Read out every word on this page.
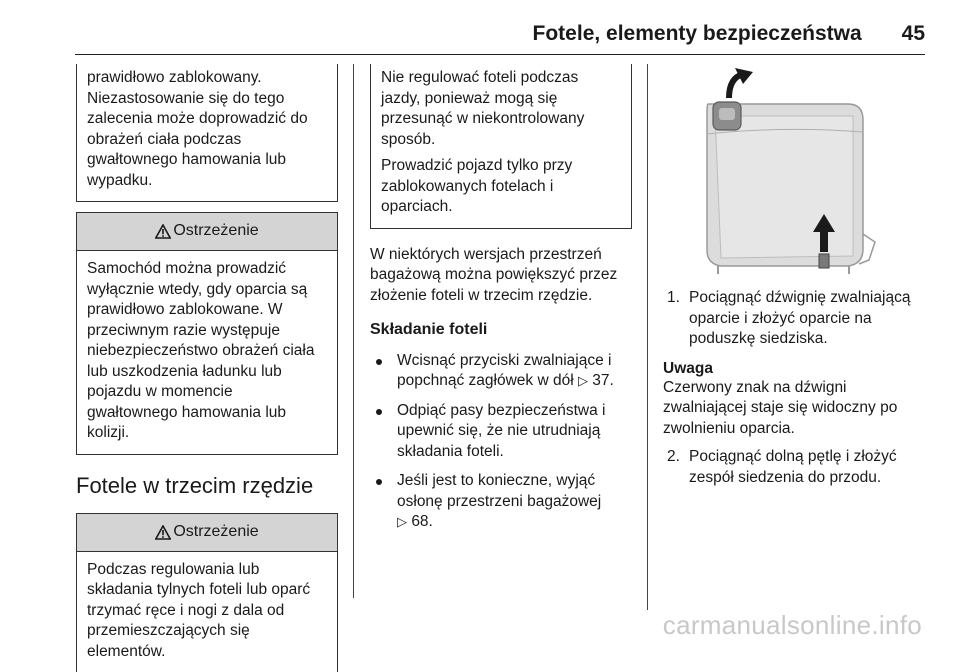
Fotele, elementy bezpieczeństwa 45

prawidłowo zablokowany. Niezastosowanie się do tego zalecenia może doprowadzić do obrażeń ciała podczas gwałtownego hamowania lub wypadku.

Ostrzeżenie

Samochód można prowadzić wyłącznie wtedy, gdy oparcia są prawidłowo zablokowane. W przeciwnym razie występuje niebezpieczeństwo obrażeń ciała lub uszkodzenia ładunku lub pojazdu w momencie gwałtownego hamowania lub kolizji.

Fotele w trzecim rzędzie
Ostrzeżenie

Podczas regulowania lub składania tylnych foteli lub oparć trzymać ręce i nogi z dala od przemieszczających się elementów.

Nie regulować foteli podczas jazdy, ponieważ mogą się przesunąć w niekontrolowany sposób.

Prowadzić pojazd tylko przy zablokowanych fotelach i oparciach.

W niektórych wersjach przestrzeń bagażową można powiększyć przez złożenie foteli w trzecim rzędzie.

Składanie foteli
Wcisnąć przyciski zwalniające i popchnąć zagłówek w dół ▷ 37.
Odpiąć pasy bezpieczeństwa i upewnić się, że nie utrudniają składania foteli.
Jeśli jest to konieczne, wyjąć osłonę przestrzeni bagażowej
▷ 68.
1. Pociągnąć dźwignię zwalniającą oparcie i złożyć oparcie na poduszkę siedziska.
Uwaga

Czerwony znak na dźwigni zwalniającej staje się widoczny po zwolnieniu oparcia.

2. Pociągnąć dolną pętlę i złożyć zespół siedzenia do przodu.
carmanualsonline.info
